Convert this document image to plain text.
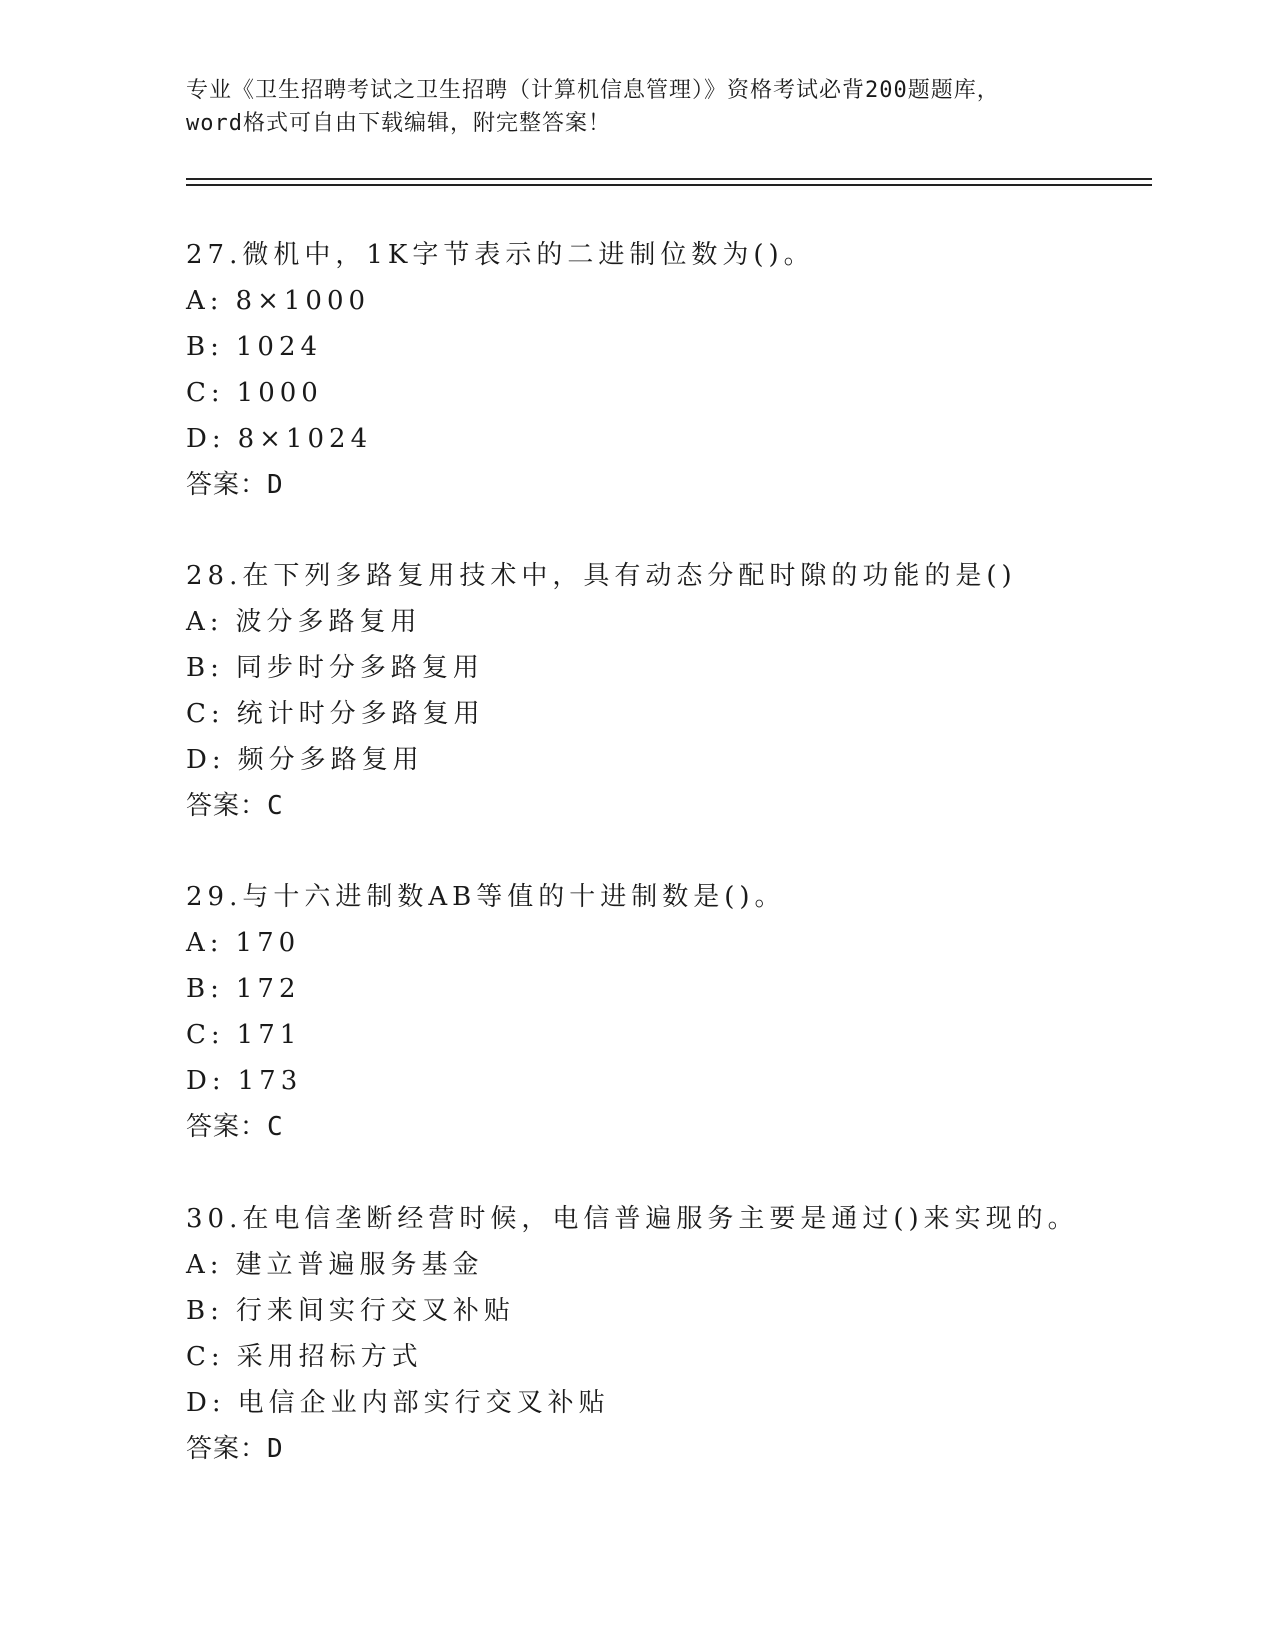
专业《卫生招聘考试之卫生招聘（计算机信息管理）》资格考试必背200题题库，
word格式可自由下载编辑，附完整答案！
27.微机中，1K字节表示的二进制位数为()。
A: 8×1000
B: 1024
C: 1000
D: 8×1024
答案：D
28.在下列多路复用技术中，具有动态分配时隙的功能的是()
A: 波分多路复用
B: 同步时分多路复用
C: 统计时分多路复用
D: 频分多路复用
答案：C
29.与十六进制数AB等值的十进制数是()。
A: 170
B: 172
C: 171
D: 173
答案：C
30.在电信垄断经营时候，电信普遍服务主要是通过()来实现的。
A: 建立普遍服务基金
B: 行来间实行交叉补贴
C: 采用招标方式
D: 电信企业内部实行交叉补贴
答案：D
